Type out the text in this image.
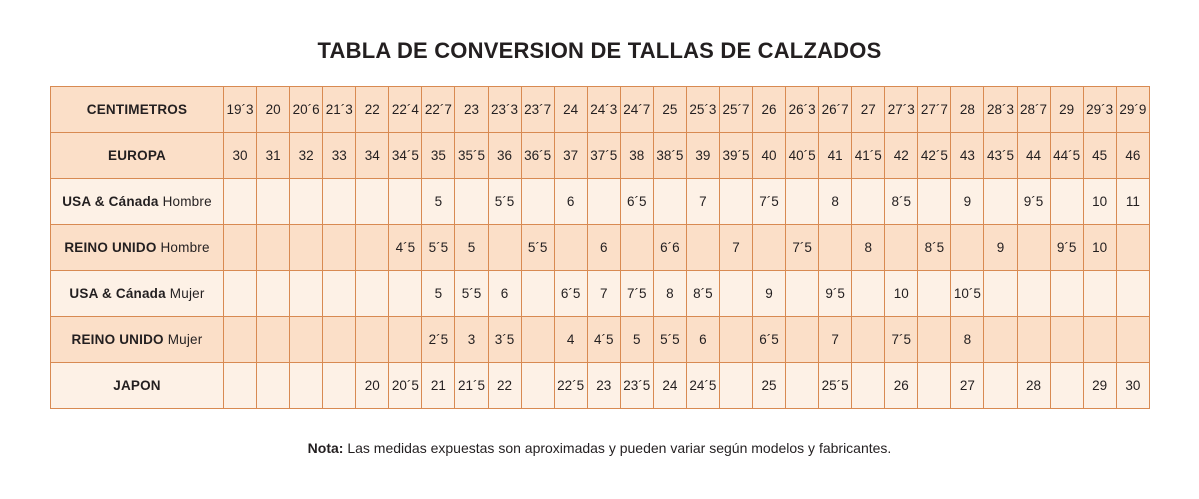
TABLA DE CONVERSION DE TALLAS DE CALZADOS
CENTIMETROS	19´3	20	20´6	21´3	22	22´4	22´7	23	23´3	23´7	24	24´3	24´7	25	25´3	25´7	26	26´3	26´7	27	27´3	27´7	28	28´3	28´7	29	29´3	29´9
EUROPA	30	31	32	33	34	34´5	35	35´5	36	36´5	37	37´5	38	38´5	39	39´5	40	40´5	41	41´5	42	42´5	43	43´5	44	44´5	45	46
USA & Cánada Hombre							5		5´5		6		6´5		7		7´5		8		8´5		9		9´5		10	11
REINO UNIDO Hombre						4´5	5´5	5		5´5		6		6´6		7		7´5		8		8´5		9		9´5	10	
USA & Cánada Mujer							5	5´5	6		6´5	7	7´5	8	8´5		9		9´5		10		10´5					
REINO UNIDO Mujer							2´5	3	3´5		4	4´5	5	5´5	6		6´5		7		7´5		8					
JAPON					20	20´5	21	21´5	22		22´5	23	23´5	24	24´5		25		25´5		26		27		28		29	30
Nota: Las medidas expuestas son aproximadas y pueden variar según modelos y fabricantes.
